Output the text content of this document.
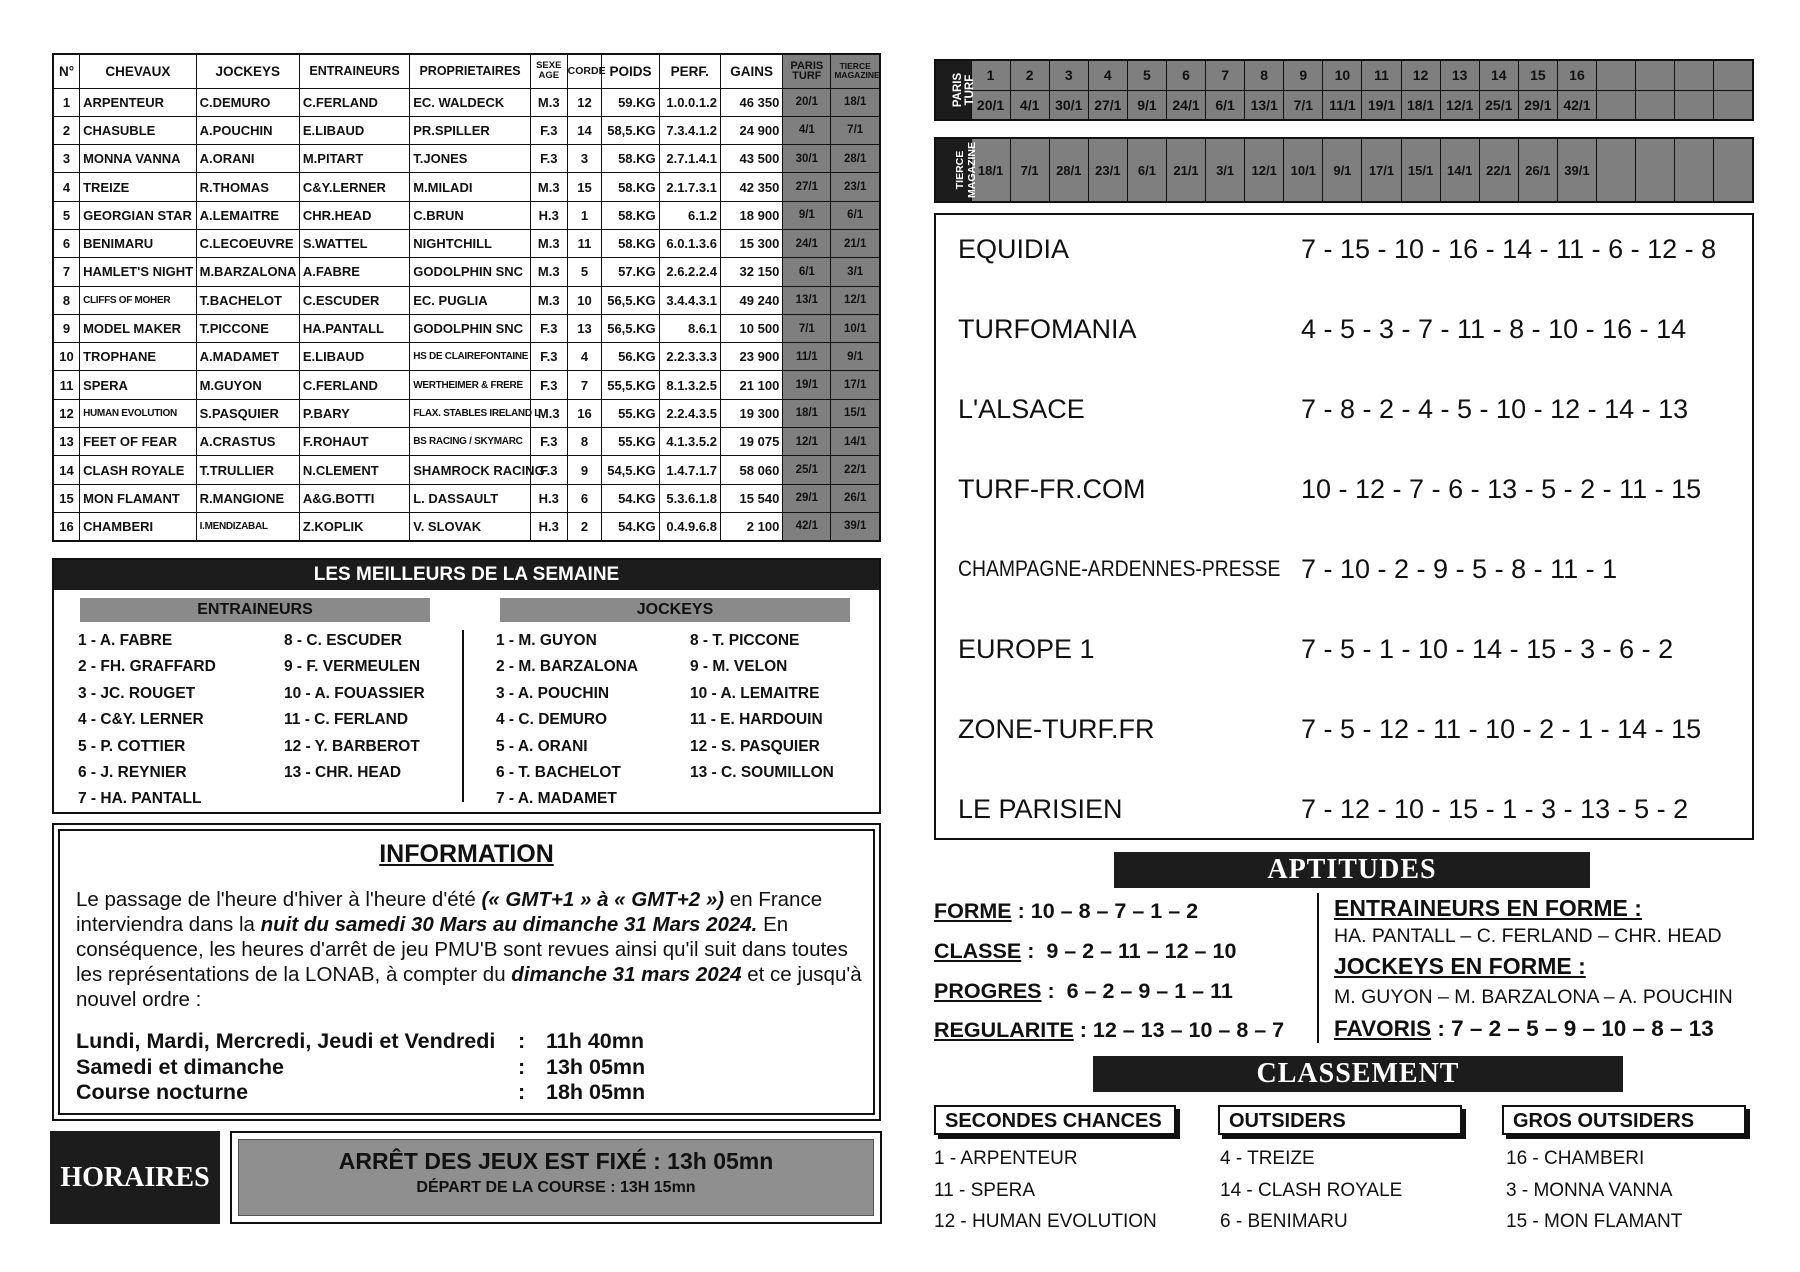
N°	CHEVAUX	JOCKEYS	ENTRAINEURS	PROPRIETAIRES	SEXE AGE	CORDE	POIDS	PERF.	GAINS	PARIS TURF	TIERCE MAGAZINE
1	ARPENTEUR	C.DEMURO	C.FERLAND	EC. WALDECK	M.3	12	59.KG	1.0.0.1.2	46 350	20/1	18/1
2	CHASUBLE	A.POUCHIN	E.LIBAUD	PR.SPILLER	F.3	14	58,5.KG	7.3.4.1.2	24 900	4/1	7/1
3	MONNA VANNA	A.ORANI	M.PITART	T.JONES	F.3	3	58.KG	2.7.1.4.1	43 500	30/1	28/1
4	TREIZE	R.THOMAS	C&Y.LERNER	M.MILADI	M.3	15	58.KG	2.1.7.3.1	42 350	27/1	23/1
5	GEORGIAN STAR	A.LEMAITRE	CHR.HEAD	C.BRUN	H.3	1	58.KG	6.1.2	18 900	9/1	6/1
6	BENIMARU	C.LECOEUVRE	S.WATTEL	NIGHTCHILL	M.3	11	58.KG	6.0.1.3.6	15 300	24/1	21/1
7	HAMLET'S NIGHT	M.BARZALONA	A.FABRE	GODOLPHIN SNC	M.3	5	57.KG	2.6.2.2.4	32 150	6/1	3/1
8	CLIFFS OF MOHER	T.BACHELOT	C.ESCUDER	EC. PUGLIA	M.3	10	56,5.KG	3.4.4.3.1	49 240	13/1	12/1
9	MODEL MAKER	T.PICCONE	HA.PANTALL	GODOLPHIN SNC	F.3	13	56,5.KG	8.6.1	10 500	7/1	10/1
10	TROPHANE	A.MADAMET	E.LIBAUD	HS DE CLAIREFONTAINE	F.3	4	56.KG	2.2.3.3.3	23 900	11/1	9/1
11	SPERA	M.GUYON	C.FERLAND	WERTHEIMER & FRERE	F.3	7	55,5.KG	8.1.3.2.5	21 100	19/1	17/1
12	HUMAN EVOLUTION	S.PASQUIER	P.BARY	FLAX. STABLES IRELAND L	M.3	16	55.KG	2.2.4.3.5	19 300	18/1	15/1
13	FEET OF FEAR	A.CRASTUS	F.ROHAUT	BS RACING / SKYMARC	F.3	8	55.KG	4.1.3.5.2	19 075	12/1	14/1
14	CLASH ROYALE	T.TRULLIER	N.CLEMENT	SHAMROCK RACING	F.3	9	54,5.KG	1.4.7.1.7	58 060	25/1	22/1
15	MON FLAMANT	R.MANGIONE	A&G.BOTTI	L. DASSAULT	H.3	6	54.KG	5.3.6.1.8	15 540	29/1	26/1
16	CHAMBERI	I.MENDIZABAL	Z.KOPLIK	V. SLOVAK	H.3	2	54.KG	0.4.9.6.8	2 100	42/1	39/1
LES MEILLEURS DE LA SEMAINE
ENTRAINEURS	JOCKEYS
1 - A. FABRE
2 - FH. GRAFFARD
3 - JC. ROUGET
4 - C&Y. LERNER
5 - P. COTTIER
6 - J. REYNIER
7 - HA. PANTALL
8 - C. ESCUDER
9 - F. VERMEULEN
10 - A. FOUASSIER
11 - C. FERLAND
12 - Y. BARBEROT
13 - CHR. HEAD
1 - M. GUYON
2 - M. BARZALONA
3 - A. POUCHIN
4 - C. DEMURO
5 - A. ORANI
6 - T. BACHELOT
7 - A. MADAMET
8 - T. PICCONE
9 - M. VELON
10 - A. LEMAITRE
11 - E. HARDOUIN
12 - S. PASQUIER
13 - C. SOUMILLON
INFORMATION
Le passage de l'heure d'hiver à l'heure d'été (« GMT+1 » à « GMT+2 ») en France interviendra dans la nuit du samedi 30 Mars au dimanche 31 Mars 2024. En conséquence, les heures d'arrêt de jeu PMU'B sont revues ainsi qu'il suit dans toutes les représentations de la LONAB, à compter du dimanche 31 mars 2024 et ce jusqu'à nouvel ordre :
Lundi, Mardi, Mercredi, Jeudi et Vendredi : 11h 40mn
Samedi et dimanche	: 13h 05mn
Course nocturne	: 18h 05mn
HORAIRES
ARRÊT DES JEUX EST FIXÉ : 13h 05mn
DÉPART DE LA COURSE : 13H 15mn
PARIS TURF	1	2	3	4	5	6	7	8	9	10	11	12	13	14	15	16				
	20/1	4/1	30/1	27/1	9/1	24/1	6/1	13/1	7/1	11/1	19/1	18/1	12/1	25/1	29/1	42/1				
TIERCE MAGAZINE	18/1	7/1	28/1	23/1	6/1	21/1	3/1	12/1	10/1	9/1	17/1	15/1	14/1	22/1	26/1	39/1				
EQUIDIA	7 - 15 - 10 - 16 - 14 - 11 - 6 - 12 - 8
TURFOMANIA	4 - 5 - 3 - 7 - 11 - 8 - 10 - 16 - 14
L'ALSACE	7 - 8 - 2 - 4 - 5 - 10 - 12 - 14 - 13
TURF-FR.COM	10 - 12 - 7 - 6 - 13 - 5 - 2 - 11 - 15
CHAMPAGNE-ARDENNES-PRESSE 7 - 10 - 2 - 9 - 5 - 8 - 11 - 1
EUROPE 1	7 - 5 - 1 - 10 - 14 - 15 - 3 - 6 - 2
ZONE-TURF.FR	7 - 5 - 12 - 11 - 10 - 2 - 1 - 14 - 15
LE PARISIEN	7 - 12 - 10 - 15 - 1 - 3 - 13 - 5 - 2
APTITUDES
FORME : 10 – 8 – 7 – 1 – 2
CLASSE :  9 – 2 – 11 – 12 – 10
PROGRES :  6 – 2 – 9 – 1 – 11
REGULARITE : 12 – 13 – 10 – 8 – 7
ENTRAINEURS EN FORME :
HA. PANTALL – C. FERLAND – CHR. HEAD
JOCKEYS EN FORME :
M. GUYON – M. BARZALONA – A. POUCHIN
FAVORIS : 7 – 2 – 5 – 9 – 10 – 8 – 13
CLASSEMENT
SECONDES CHANCES	OUTSIDERS	GROS OUTSIDERS
1 - ARPENTEUR
11 - SPERA
12 - HUMAN EVOLUTION
4 - TREIZE
14 - CLASH ROYALE
6 - BENIMARU
16 - CHAMBERI
3 - MONNA VANNA
15 - MON FLAMANT
